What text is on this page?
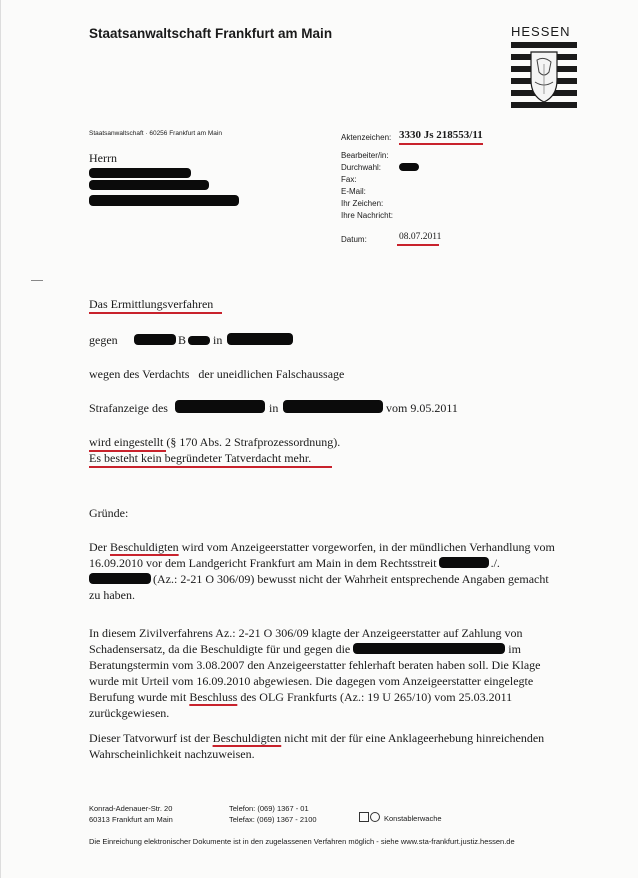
Staatsanwaltschaft Frankfurt am Main	HESSEN
Staatsanwaltschaft · 60256 Frankfurt am Main
Herrn
Aktenzeichen: 3330 Js 218553/11
Bearbeiter/in:
Durchwahl:
Fax:
E-Mail:
Ihr Zeichen:
Ihre Nachricht:
Datum:	08.07.2011
Das Ermittlungsverfahren
gegen	B in
wegen des Verdachts   der uneidlichen Falschaussage
Strafanzeige des	in	vom 9.05.2011
wird eingestellt (§ 170 Abs. 2 Strafprozessordnung).
Es besteht kein begründeter Tatverdacht mehr.
Gründe:
Der Beschuldigten wird vom Anzeigeerstatter vorgeworfen, in der mündlichen Verhandlung vom 16.09.2010 vor dem Landgericht Frankfurt am Main in dem Rechtsstreit	./. (Az.: 2-21 O 306/09) bewusst nicht der Wahrheit entsprechende Angaben gemacht zu haben.
In diesem Zivilverfahrens Az.: 2-21 O 306/09 klagte der Anzeigeerstatter auf Zahlung von Schadensersatz, da die Beschuldigte für und gegen die	im Beratungstermin vom 3.08.2007 den Anzeigeerstatter fehlerhaft beraten haben soll. Die Klage wurde mit Urteil vom 16.09.2010 abgewiesen. Die dagegen vom Anzeigeerstatter eingelegte Berufung wurde mit Beschluss des OLG Frankfurts (Az.: 19 U 265/10) vom 25.03.2011 zurückgewiesen.
Dieser Tatvorwurf ist der Beschuldigten nicht mit der für eine Anklageerhebung hinreichenden Wahrscheinlichkeit nachzuweisen.
Konrad-Adenauer-Str. 20
60313 Frankfurt am Main
Telefon: (069) 1367 - 01
Telefax: (069) 1367 - 2100	Konstablerwache
Die Einreichung elektronischer Dokumente ist in den zugelassenen Verfahren möglich - siehe www.sta-frankfurt.justiz.hessen.de
